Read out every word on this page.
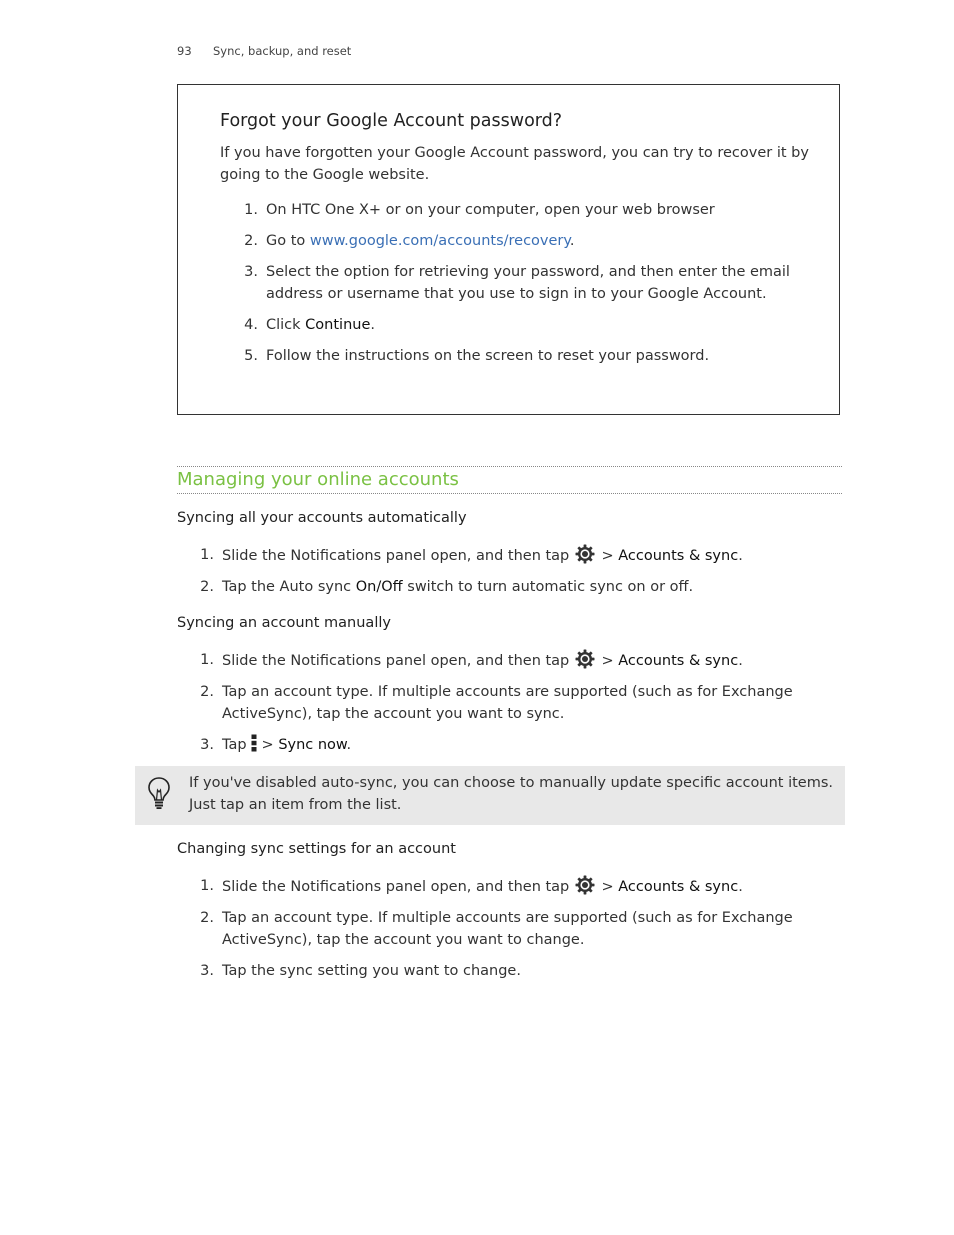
93 Sync, backup, and reset
Forgot your Google Account password?
If you have forgotten your Google Account password, you can try to recover it by going to the Google website.
1. On HTC One X+ or on your computer, open your web browser
2. Go to www.google.com/accounts/recovery.
3. Select the option for retrieving your password, and then enter the email address or username that you use to sign in to your Google Account.
4. Click Continue.
5. Follow the instructions on the screen to reset your password.
Managing your online accounts
Syncing all your accounts automatically
1. Slide the Notifications panel open, and then tap  > Accounts & sync.
2. Tap the Auto sync On/Off switch to turn automatic sync on or off.
Syncing an account manually
1. Slide the Notifications panel open, and then tap  > Accounts & sync.
2. Tap an account type. If multiple accounts are supported (such as for Exchange ActiveSync), tap the account you want to sync.
3. Tap > Sync now.
If you've disabled auto-sync, you can choose to manually update specific account items. Just tap an item from the list.
Changing sync settings for an account
1. Slide the Notifications panel open, and then tap  > Accounts & sync.
2. Tap an account type. If multiple accounts are supported (such as for Exchange ActiveSync), tap the account you want to change.
3. Tap the sync setting you want to change.
